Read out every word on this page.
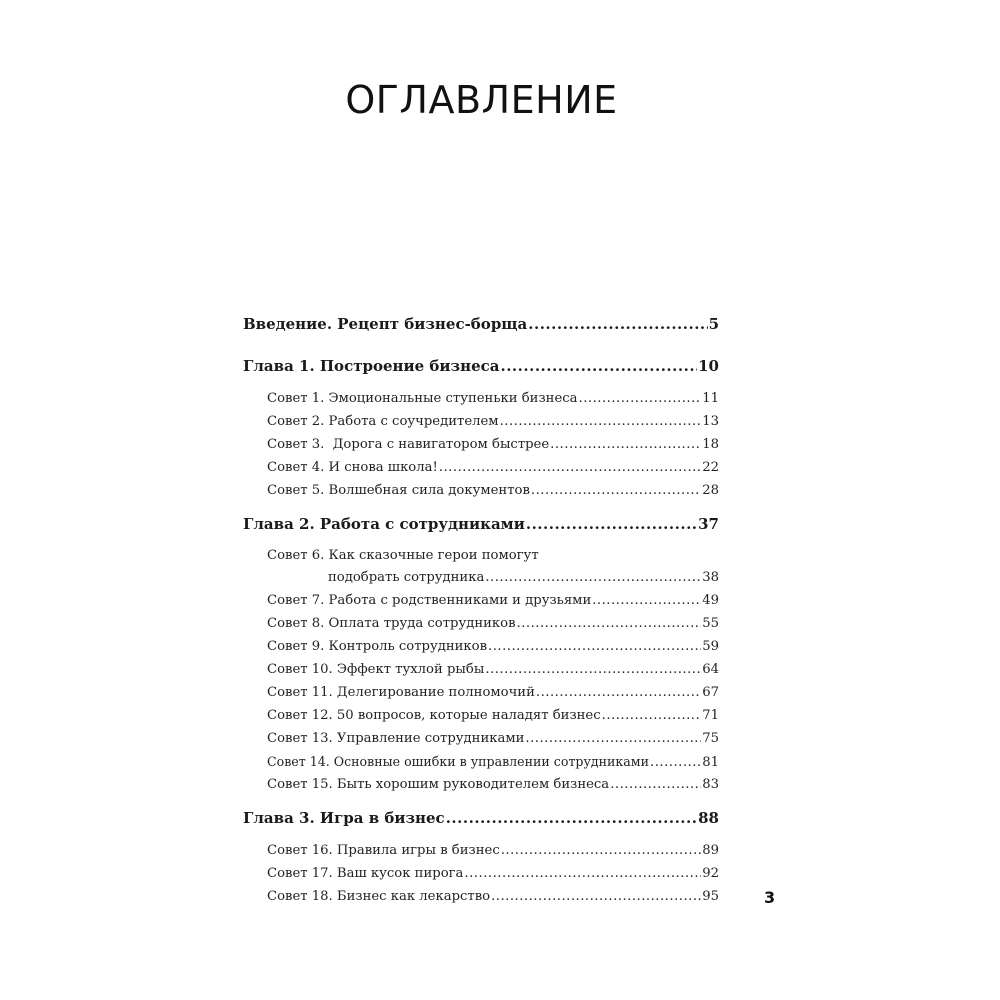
ОГЛАВЛЕНИЕ
Введение. Рецепт бизнес-борща .....	5
Глава 1. Построение бизнеса .....	10
Совет 1. Эмоциональные ступеньки бизнеса .....	11
Совет 2. Работа с соучредителем .....	13
Совет 3.  Дорога с навигатором быстрее .....	18
Совет 4. И снова школа! .....	22
Совет 5. Волшебная сила документов .....	28
Глава 2. Работа с сотрудниками .....	37
Совет 6. Как сказочные герои помогут
подобрать сотрудника .....	38
Совет 7. Работа с родственниками и друзьями .....	49
Совет 8. Оплата труда сотрудников .....	55
Совет 9. Контроль сотрудников .....	59
Совет 10. Эффект тухлой рыбы .....	64
Совет 11. Делегирование полномочий .....	67
Совет 12. 50 вопросов, которые наладят бизнес .....	71
Совет 13. Управление сотрудниками .....	75
Совет 14. Основные ошибки в управлении сотрудниками .....	81
Совет 15. Быть хорошим руководителем бизнеса .....	83
Глава 3. Игра в бизнес .....	88
Совет 16. Правила игры в бизнес .....	89
Совет 17. Ваш кусок пирога .....	92
Совет 18. Бизнес как лекарство .....	95	3
